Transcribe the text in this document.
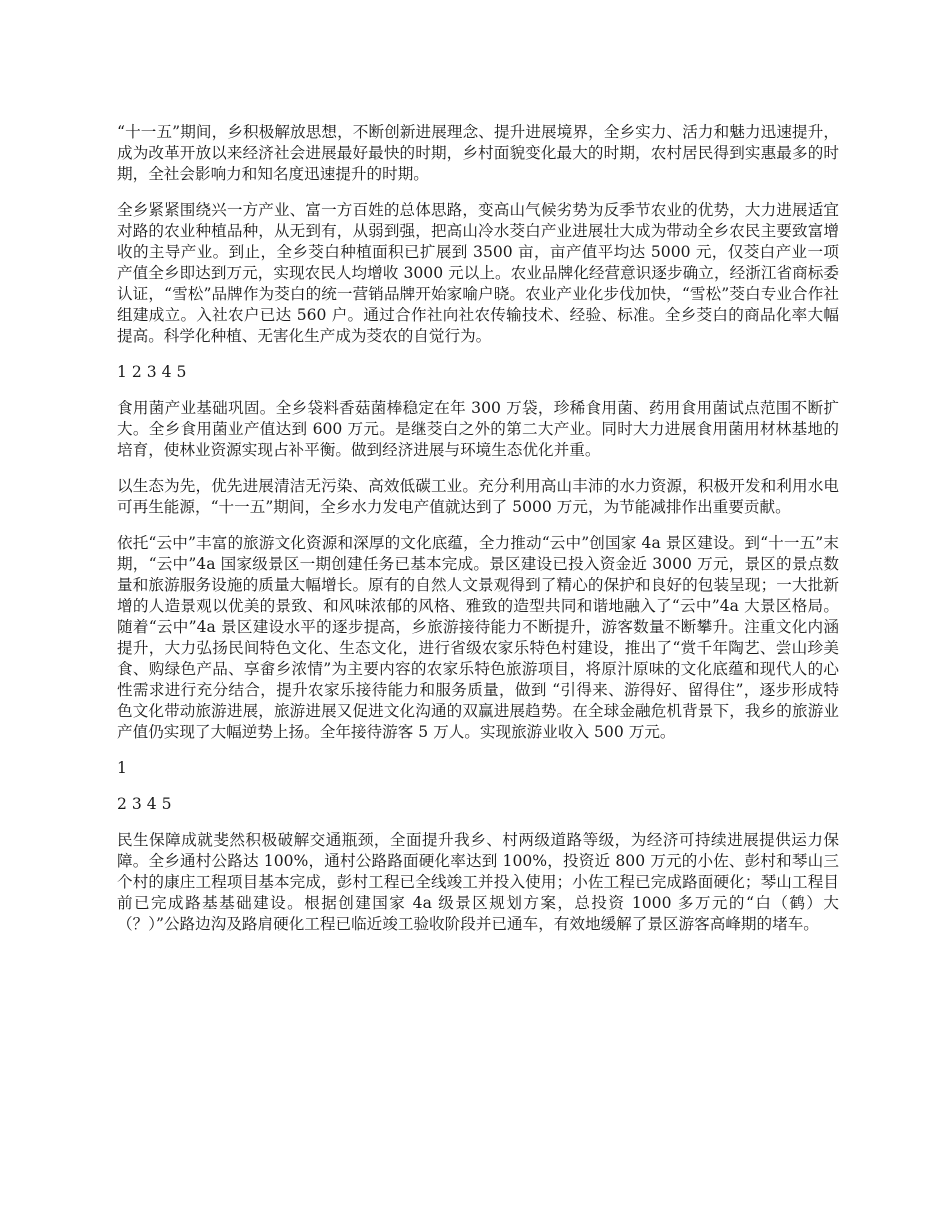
“十一五”期间，乡积极解放思想，不断创新进展理念、提升进展境界，全乡实力、活力和魅力迅速提升，成为改革开放以来经济社会进展最好最快的时期，乡村面貌变化最大的时期，农村居民得到实惠最多的时期，全社会影响力和知名度迅速提升的时期。

全乡紧紧围绕兴一方产业、富一方百姓的总体思路，变高山气候劣势为反季节农业的优势，大力进展适宜对路的农业种植品种，从无到有，从弱到强，把高山冷水茭白产业进展壮大成为带动全乡农民主要致富增收的主导产业。到止，全乡茭白种植面积已扩展到 3500 亩，亩产值平均达 5000 元，仅茭白产业一项产值全乡即达到万元，实现农民人均增收 3000 元以上。农业品牌化经营意识逐步确立，经浙江省商标委认证，“雪松”品牌作为茭白的统一营销品牌开始家喻户晓。农业产业化步伐加快，“雪松”茭白专业合作社组建成立。入社农户已达 560 户。通过合作社向社农传输技术、经验、标准。全乡茭白的商品化率大幅提高。科学化种植、无害化生产成为茭农的自觉行为。

1 2 3 4 5

食用菌产业基础巩固。全乡袋料香菇菌棒稳定在年 300 万袋，珍稀食用菌、药用食用菌试点范围不断扩大。全乡食用菌业产值达到 600 万元。是继茭白之外的第二大产业。同时大力进展食用菌用材林基地的培育，使林业资源实现占补平衡。做到经济进展与环境生态优化并重。

以生态为先，优先进展清洁无污染、高效低碳工业。充分利用高山丰沛的水力资源，积极开发和利用水电可再生能源，“十一五”期间，全乡水力发电产值就达到了 5000 万元，为节能减排作出重要贡献。

依托“云中”丰富的旅游文化资源和深厚的文化底蕴，全力推动“云中”创国家 4a 景区建设。到“十一五”末期，“云中”4a 国家级景区一期创建任务已基本完成。景区建设已投入资金近 3000 万元，景区的景点数量和旅游服务设施的质量大幅增长。原有的自然人文景观得到了精心的保护和良好的包装呈现；一大批新增的人造景观以优美的景致、和风味浓郁的风格、雅致的造型共同和谐地融入了“云中”4a 大景区格局。随着“云中”4a 景区建设水平的逐步提高，乡旅游接待能力不断提升，游客数量不断攀升。注重文化内涵提升，大力弘扬民间特色文化、生态文化，进行省级农家乐特色村建设，推出了“赏千年陶艺、尝山珍美食、购绿色产品、享畲乡浓情”为主要内容的农家乐特色旅游项目，将原汁原味的文化底蕴和现代人的心性需求进行充分结合，提升农家乐接待能力和服务质量，做到 “引得来、游得好、留得住”，逐步形成特色文化带动旅游进展，旅游进展又促进文化沟通的双赢进展趋势。在全球金融危机背景下，我乡的旅游业产值仍实现了大幅逆势上扬。全年接待游客 5 万人。实现旅游业收入 500 万元。

1

2 3 4 5

民生保障成就斐然积极破解交通瓶颈，全面提升我乡、村两级道路等级，为经济可持续进展提供运力保障。全乡通村公路达 100%，通村公路路面硬化率达到 100%，投资近 800 万元的小佐、彭村和琴山三个村的康庄工程项目基本完成，彭村工程已全线竣工并投入使用；小佐工程已完成路面硬化；琴山工程目前已完成路基基础建设。根据创建国家 4a 级景区规划方案，总投资 1000 多万元的“白（鹤）大（？）”公路边沟及路肩硬化工程已临近竣工验收阶段并已通车，有效地缓解了景区游客高峰期的堵车。
